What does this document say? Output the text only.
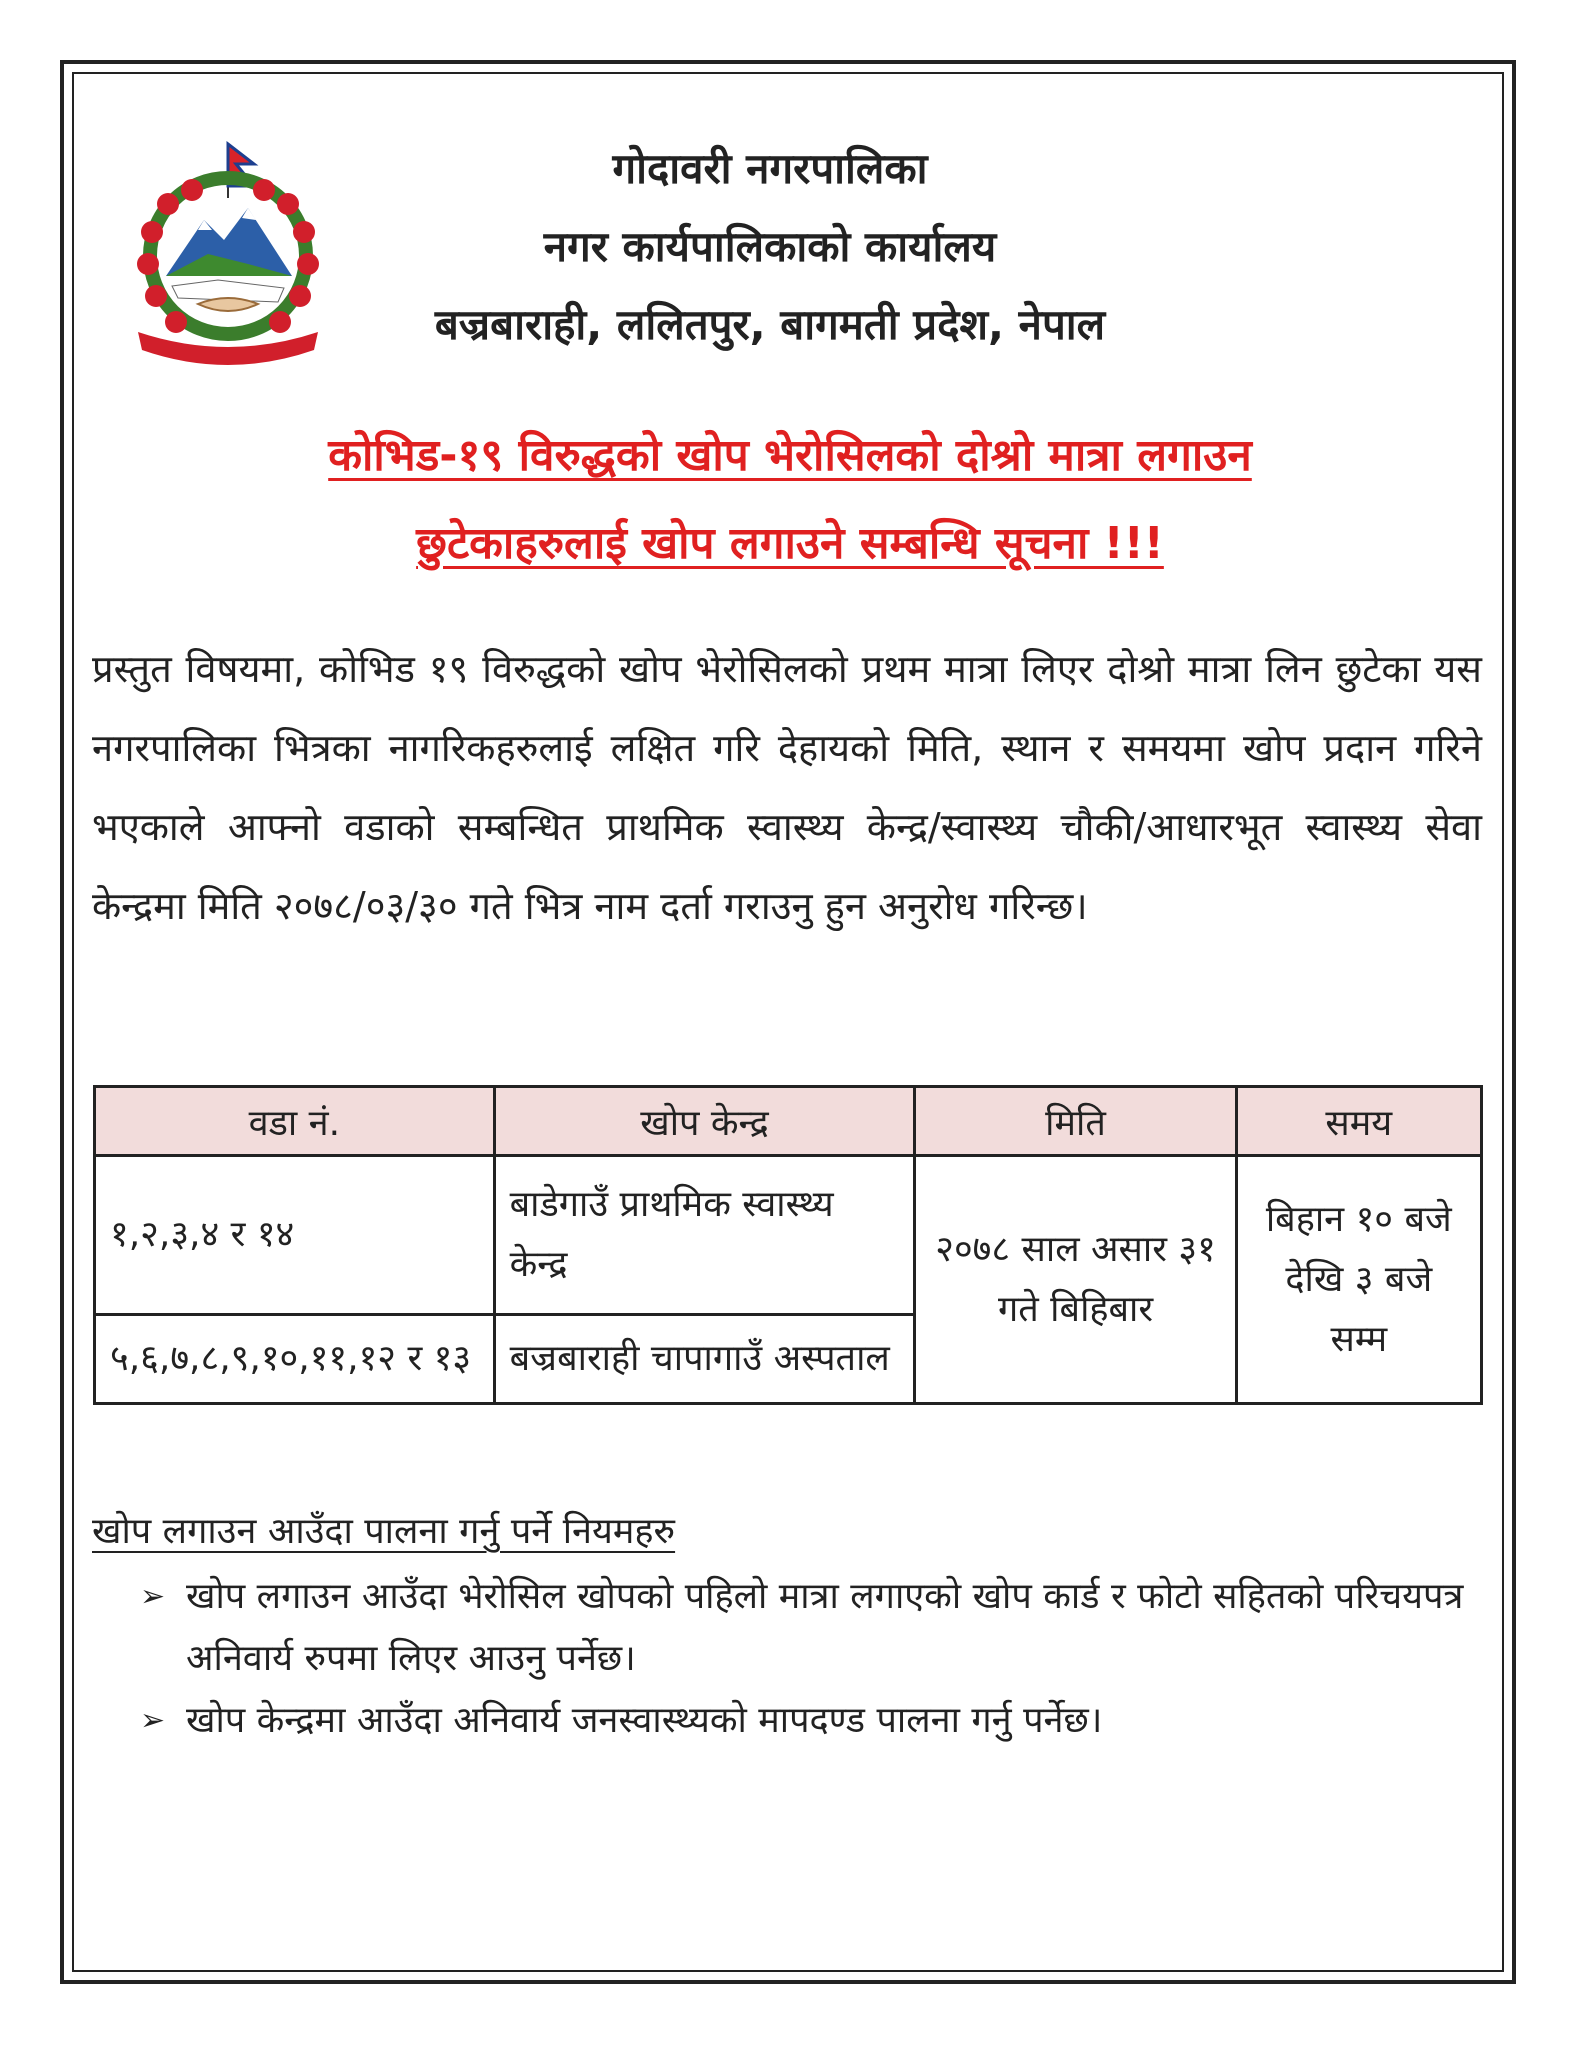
गोदावरी नगरपालिका
नगर कार्यपालिकाको कार्यालय
बज्रबाराही, ललितपुर, बागमती प्रदेश, नेपाल
कोभिड-१९ विरुद्धको खोप भेरोसिलको दोश्रो मात्रा लगाउन
छुटेकाहरुलाई खोप लगाउने सम्बन्धि सूचना !!!
प्रस्तुत विषयमा, कोभिड १९ विरुद्धको खोप भेरोसिलको प्रथम मात्रा लिएर दोश्रो मात्रा लिन छुटेका यस नगरपालिका भित्रका नागरिकहरुलाई लक्षित गरि देहायको मिति, स्थान र समयमा खोप प्रदान गरिने भएकाले आफ्नो वडाको सम्बन्धित प्राथमिक स्वास्थ्य केन्द्र/स्वास्थ्य चौकी/आधारभूत स्वास्थ्य सेवा केन्द्रमा मिति २०७८/०३/३० गते भित्र नाम दर्ता गराउनु हुन अनुरोध गरिन्छ।
वडा नं.	खोप केन्द्र	मिति	समय
१,२,३,४ र १४	बाडेगाउँ प्राथमिक स्वास्थ्य केन्द्र	२०७८ साल असार ३१ गते बिहिबार	बिहान १० बजे देखि ३ बजे सम्म
५,६,७,८,९,१०,११,१२ र १३	बज्रबाराही चापागाउँ अस्पताल		
खोप लगाउन आउँदा पालना गर्नु पर्ने नियमहरु
➢ खोप लगाउन आउँदा भेरोसिल खोपको पहिलो मात्रा लगाएको खोप कार्ड र फोटो सहितको परिचयपत्र अनिवार्य रुपमा लिएर आउनु पर्नेछ।
➢ खोप केन्द्रमा आउँदा अनिवार्य जनस्वास्थ्यको मापदण्ड पालना गर्नु पर्नेछ।
